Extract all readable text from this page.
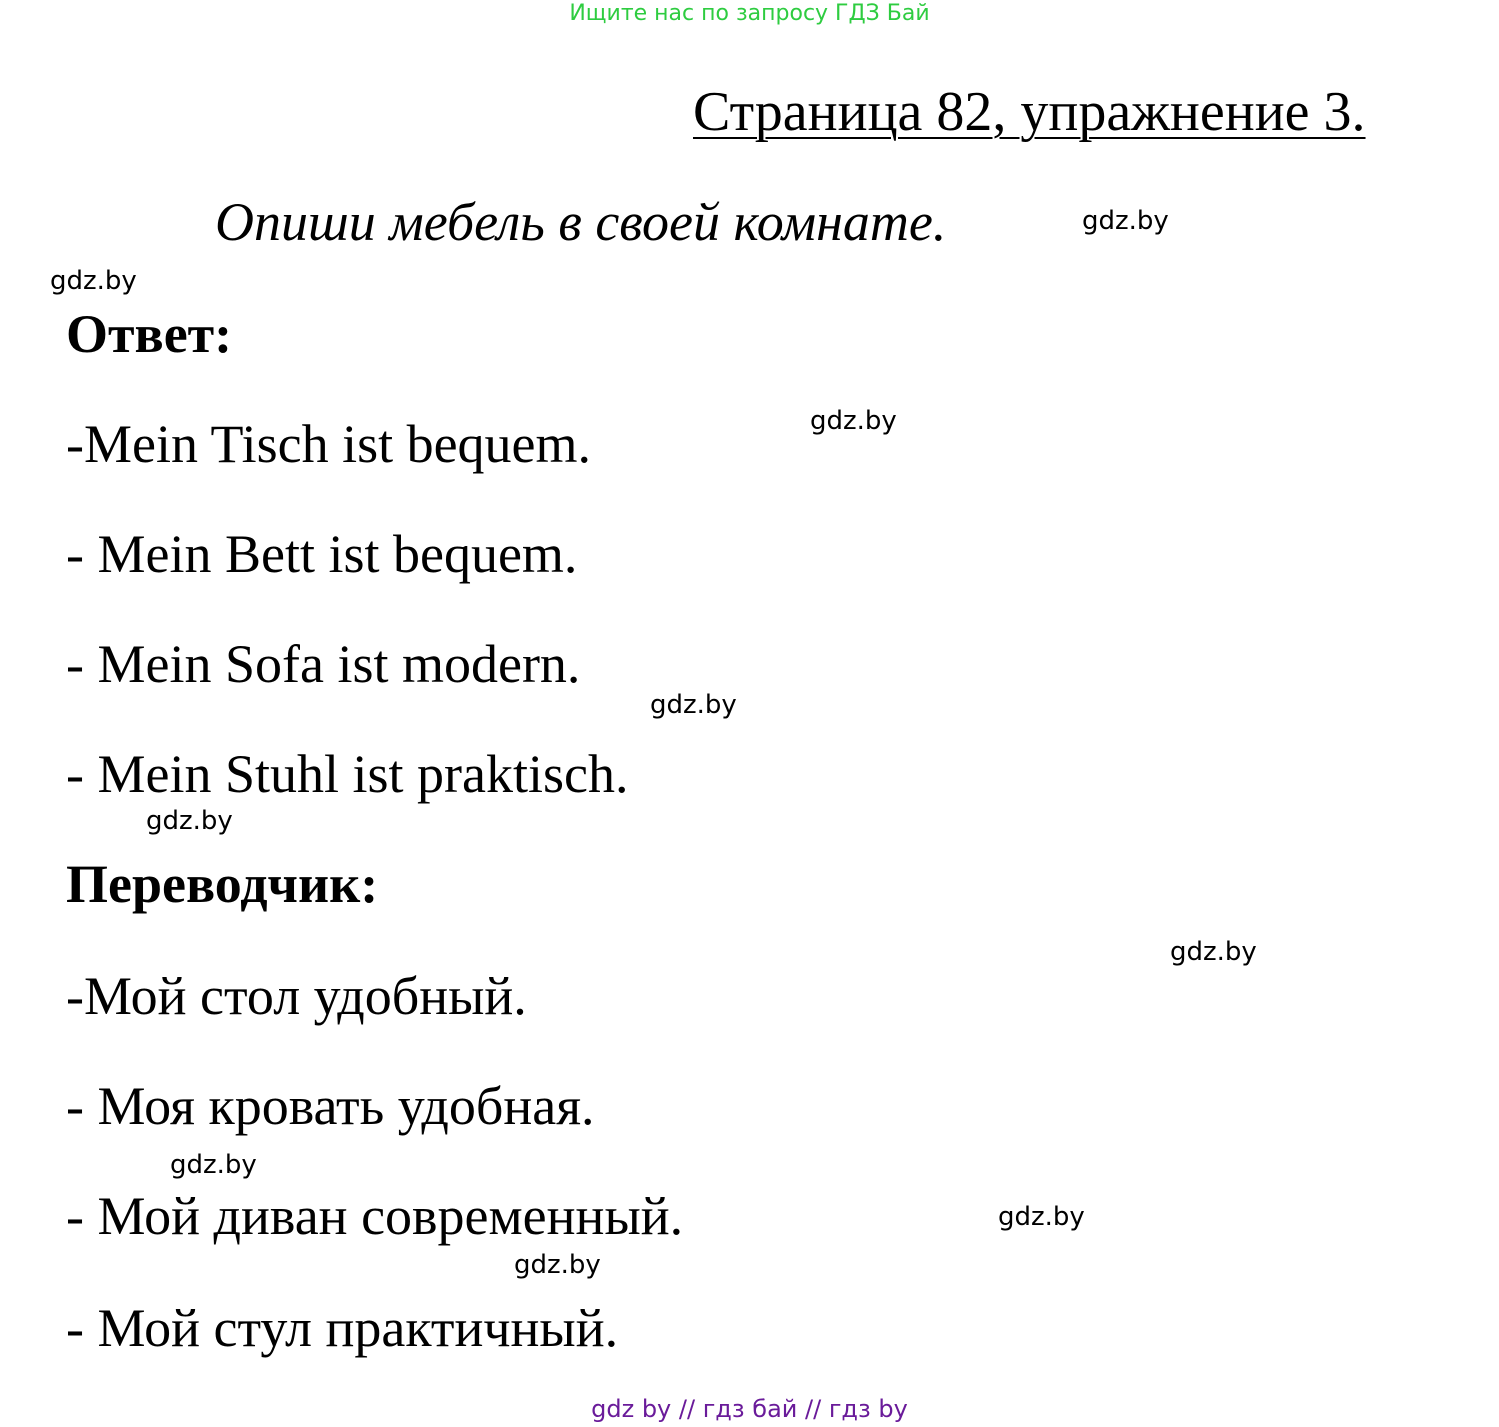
Ищите нас по запросу ГДЗ Бай
Страница 82, упражнение 3.
Опиши мебель в своей комнате.	gdz.by
gdz.by
Ответ:
gdz.by
-Mein Tisch ist bequem.
- Mein Bett ist bequem.
- Mein Sofa ist modern.
gdz.by
- Mein Stuhl ist praktisch.
gdz.by
Переводчик:
gdz.by
-Мой стол удобный.
- Моя кровать удобная.
gdz.by
gdz.by
- Мой диван современный.
gdz.by
- Мой стул практичный.
gdz by // гдз бай // гдз by
